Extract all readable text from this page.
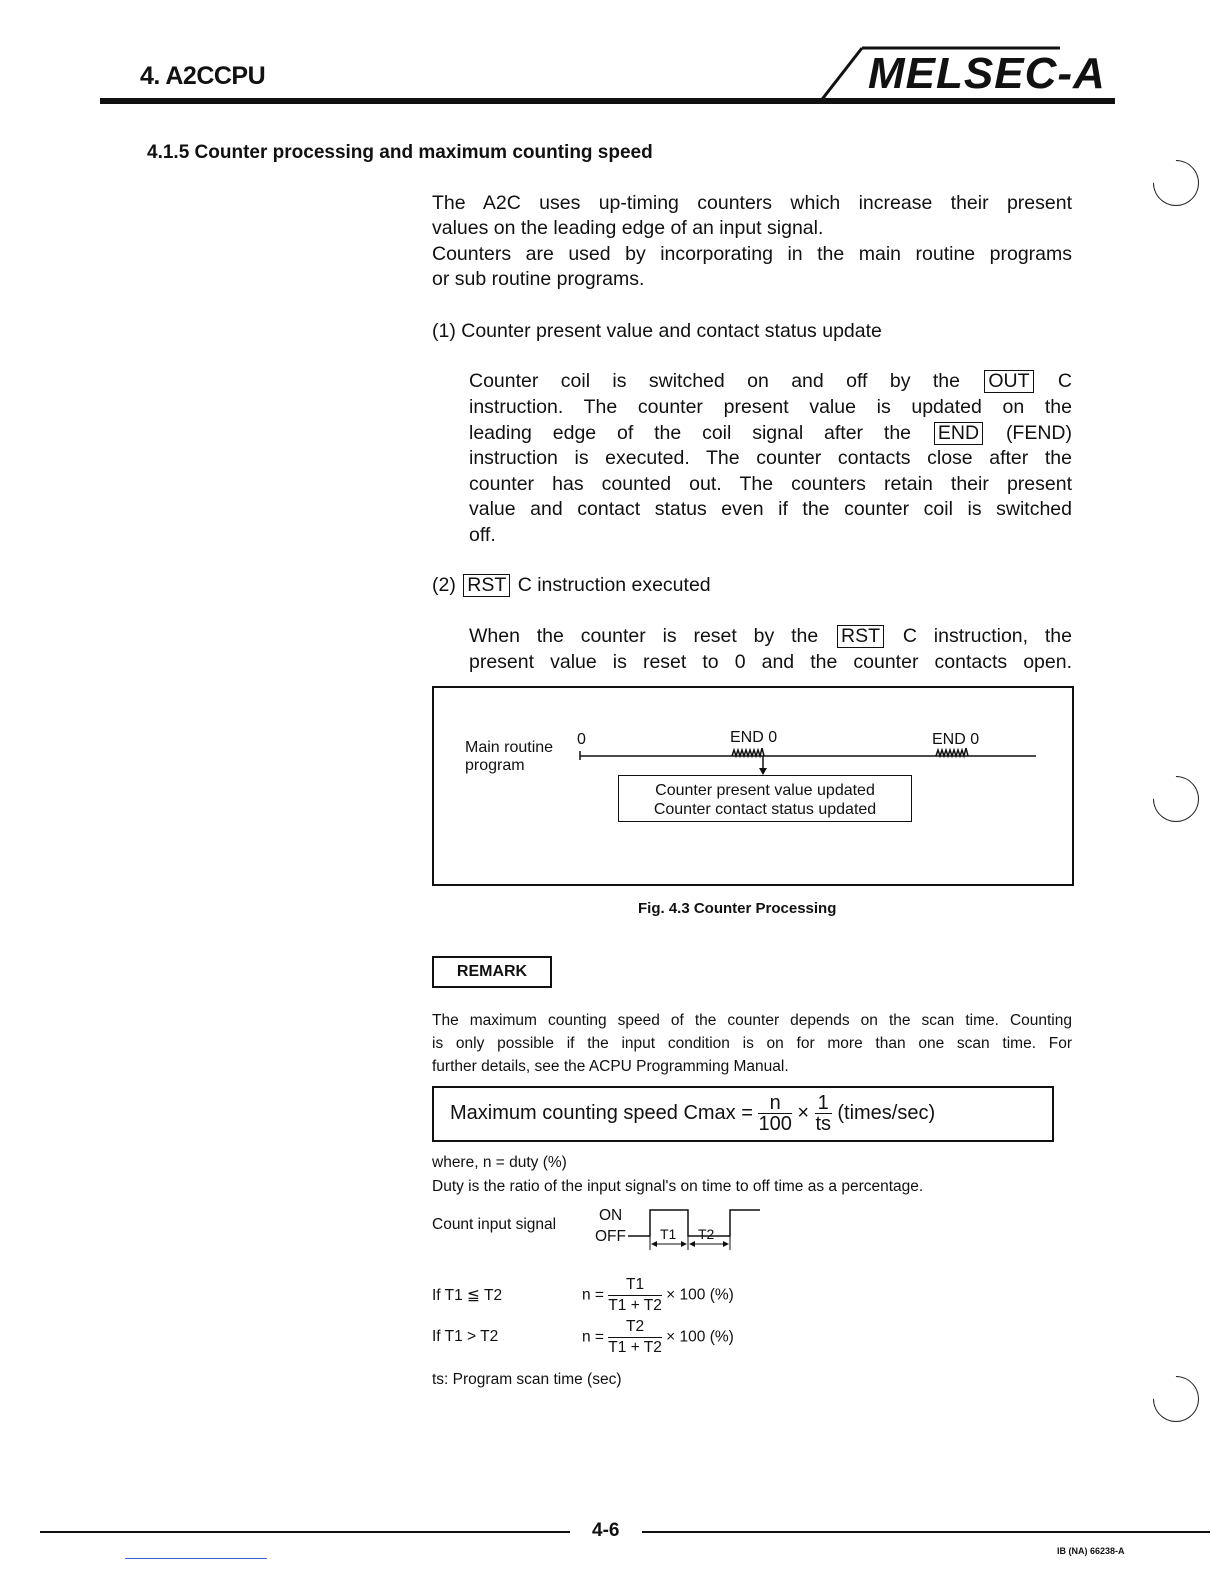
4. A2CCPU	MELSEC-A
4.1.5 Counter processing and maximum counting speed
The A2C uses up-timing counters which increase their present
values on the leading edge of an input signal.
Counters are used by incorporating in the main routine programs
or sub routine programs.
(1) Counter present value and contact status update
Counter coil is switched on and off by the OUT C
instruction. The counter present value is updated on the
leading edge of the coil signal after the END (FEND)
instruction is executed. The counter contacts close after the
counter has counted out. The counters retain their present
value and contact status even if the counter coil is switched
off.
(2) RST C instruction executed
When the counter is reset by the RST C instruction, the
present value is reset to 0 and the counter contacts open.
Main routine
program
0	END 0	END 0
Counter present value updated
Counter contact status updated
Fig. 4.3 Counter Processing
REMARK
The maximum counting speed of the counter depends on the scan time. Counting
is only possible if the input condition is on for more than one scan time. For
further details, see the ACPU Programming Manual.
Maximum counting speed $Cmax = \frac{n}{100} \times \frac{1}{ts}$ (times/sec)
where, n = duty (%)
Duty is the ratio of the input signal's on time to off time as a percentage.
Count input signal
ON
OFF T1 T2
If T1 ≦ T2	$n = \frac{T1}{T1 + T2} \times 100$ (%)
If T1 > T2	$n = \frac{T2}{T1 + T2} \times 100$ (%)
ts: Program scan time (sec)
4-6
IB (NA) 66238-A
